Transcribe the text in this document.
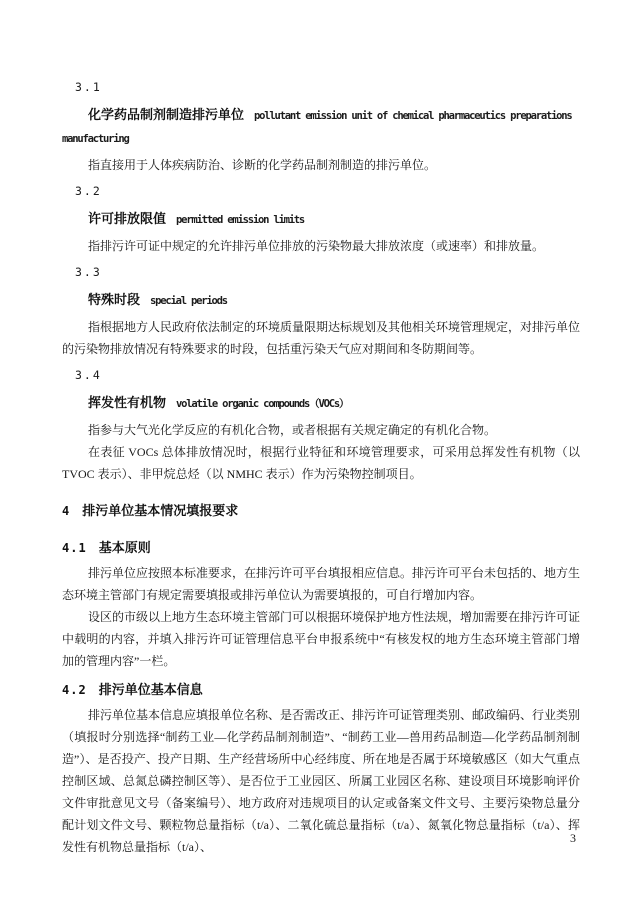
3.1

化学药品制剂制造排污单位 pollutant emission unit of chemical pharmaceutics preparations manufacturing

指直接用于人体疾病防治、诊断的化学药品制剂制造的排污单位。

3.2

许可排放限值 permitted emission limits

指排污许可证中规定的允许排污单位排放的污染物最大排放浓度（或速率）和排放量。

3.3

特殊时段 special periods

指根据地方人民政府依法制定的环境质量限期达标规划及其他相关环境管理规定，对排污单位的污染物排放情况有特殊要求的时段，包括重污染天气应对期间和冬防期间等。

3.4

挥发性有机物 volatile organic compounds（VOCs）

指参与大气光化学反应的有机化合物，或者根据有关规定确定的有机化合物。

在表征 VOCs 总体排放情况时，根据行业特征和环境管理要求，可采用总挥发性有机物（以 TVOC 表示）、非甲烷总烃（以 NMHC 表示）作为污染物控制项目。

4 排污单位基本情况填报要求
4.1 基本原则

排污单位应按照本标准要求，在排污许可平台填报相应信息。排污许可平台未包括的、地方生态环境主管部门有规定需要填报或排污单位认为需要填报的，可自行增加内容。

设区的市级以上地方生态环境主管部门可以根据环境保护地方性法规，增加需要在排污许可证中载明的内容，并填入排污许可证管理信息平台申报系统中“有核发权的地方生态环境主管部门增加的管理内容”一栏。

4.2 排污单位基本信息

排污单位基本信息应填报单位名称、是否需改正、排污许可证管理类别、邮政编码、行业类别（填报时分别选择“制药工业—化学药品制剂制造”、“制药工业—兽用药品制造—化学药品制剂制造”）、是否投产、投产日期、生产经营场所中心经纬度、所在地是否属于环境敏感区（如大气重点控制区域、总氮总磷控制区等）、是否位于工业园区、所属工业园区名称、建设项目环境影响评价文件审批意见文号（备案编号）、地方政府对违规项目的认定或备案文件文号、主要污染物总量分配计划文件文号、颗粒物总量指标（t/a）、二氧化硫总量指标（t/a）、氮氧化物总量指标（t/a）、挥发性有机物总量指标（t/a）、

3
